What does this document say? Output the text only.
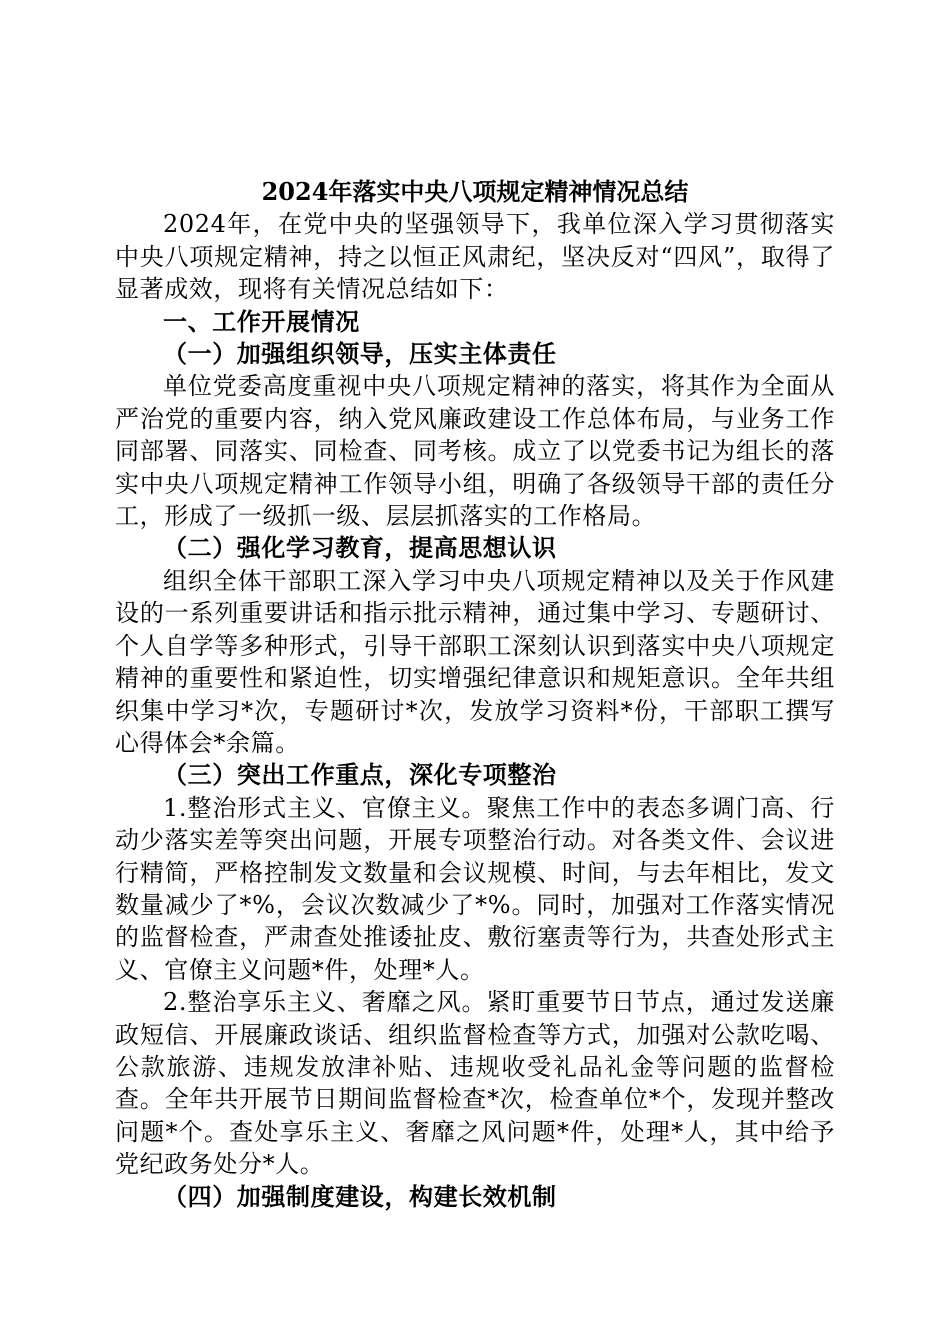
2024年落实中央八项规定精神情况总结

2024年，在党中央的坚强领导下，我单位深入学习贯彻落实中央八项规定精神，持之以恒正风肃纪，坚决反对“四风”，取得了显著成效，现将有关情况总结如下：

一、工作开展情况

（一）加强组织领导，压实主体责任

单位党委高度重视中央八项规定精神的落实，将其作为全面从严治党的重要内容，纳入党风廉政建设工作总体布局，与业务工作同部署、同落实、同检查、同考核。成立了以党委书记为组长的落实中央八项规定精神工作领导小组，明确了各级领导干部的责任分工，形成了一级抓一级、层层抓落实的工作格局。

（二）强化学习教育，提高思想认识

组织全体干部职工深入学习中央八项规定精神以及关于作风建设的一系列重要讲话和指示批示精神，通过集中学习、专题研讨、个人自学等多种形式，引导干部职工深刻认识到落实中央八项规定精神的重要性和紧迫性，切实增强纪律意识和规矩意识。全年共组织集中学习*次，专题研讨*次，发放学习资料*份，干部职工撰写心得体会*余篇。

（三）突出工作重点，深化专项整治

1.整治形式主义、官僚主义。聚焦工作中的表态多调门高、行动少落实差等突出问题，开展专项整治行动。对各类文件、会议进行精简，严格控制发文数量和会议规模、时间，与去年相比，发文数量减少了*%，会议次数减少了*%。同时，加强对工作落实情况的监督检查，严肃查处推诿扯皮、敷衍塞责等行为，共查处形式主义、官僚主义问题*件，处理*人。

2.整治享乐主义、奢靡之风。紧盯重要节日节点，通过发送廉政短信、开展廉政谈话、组织监督检查等方式，加强对公款吃喝、公款旅游、违规发放津补贴、违规收受礼品礼金等问题的监督检查。全年共开展节日期间监督检查*次，检查单位*个，发现并整改问题*个。查处享乐主义、奢靡之风问题*件，处理*人，其中给予党纪政务处分*人。

（四）加强制度建设，构建长效机制
